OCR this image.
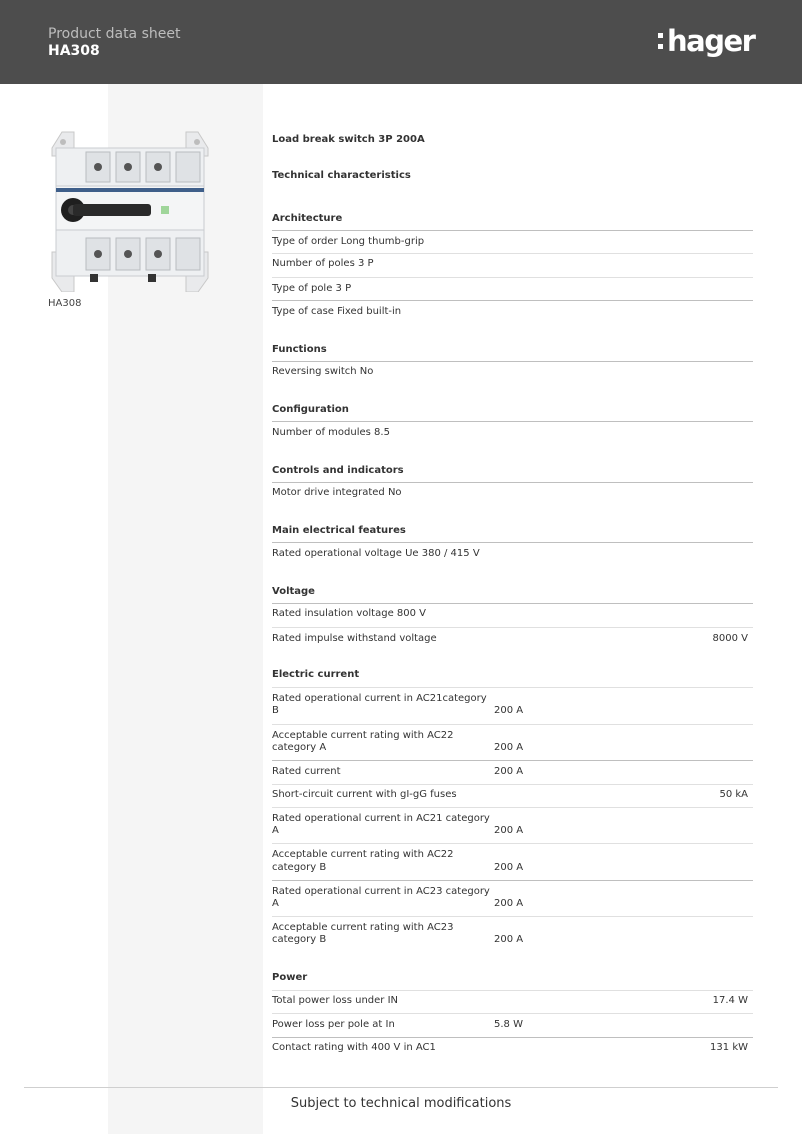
Product data sheet
HA308	hager
HA308
Load break switch 3P 200A
Technical characteristics
Architecture
Type of order Long thumb-grip
Number of poles 3 P
Type of pole 3 P
Type of case Fixed built-in
Functions
Reversing switch No
Configuration
Number of modules 8.5
Controls and indicators
Motor drive integrated No
Main electrical features
Rated operational voltage Ue 380 / 415 V
Voltage
Rated insulation voltage 800 V
Rated impulse withstand voltage	8000 V
Electric current
Rated operational current in AC21category
B	200 A
Acceptable current rating with AC22
category A	200 A
Rated current	200 A
Short-circuit current with gI-gG fuses	50 kA
Rated operational current in AC21 category
A	200 A
Acceptable current rating with AC22
category B	200 A
Rated operational current in AC23 category
A	200 A
Acceptable current rating with AC23
category B	200 A
Power
Total power loss under IN	17.4 W
Power loss per pole at In	5.8 W
Contact rating with 400 V in AC1	131 kW
Subject to technical modifications
